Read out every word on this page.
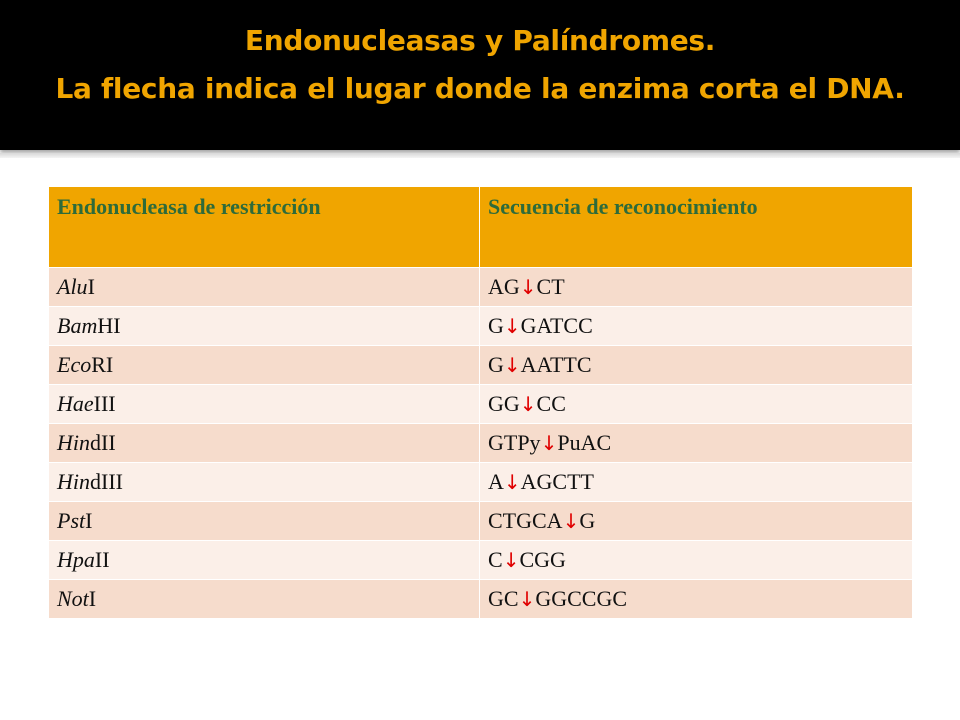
Endonucleasas y Palíndromes.
La flecha indica el lugar donde la enzima corta el DNA.
Endonucleasa de restricción	Secuencia de reconocimiento
AluI	AG↓CT
BamHI	G↓GATCC
EcoRI	G↓AATTC
HaeIII	GG↓CC
HindII	GTPy↓PuAC
HindIII	A↓AGCTT
PstI	CTGCA↓G
HpaII	C↓CGG
NotI	GC↓GGCCGC
